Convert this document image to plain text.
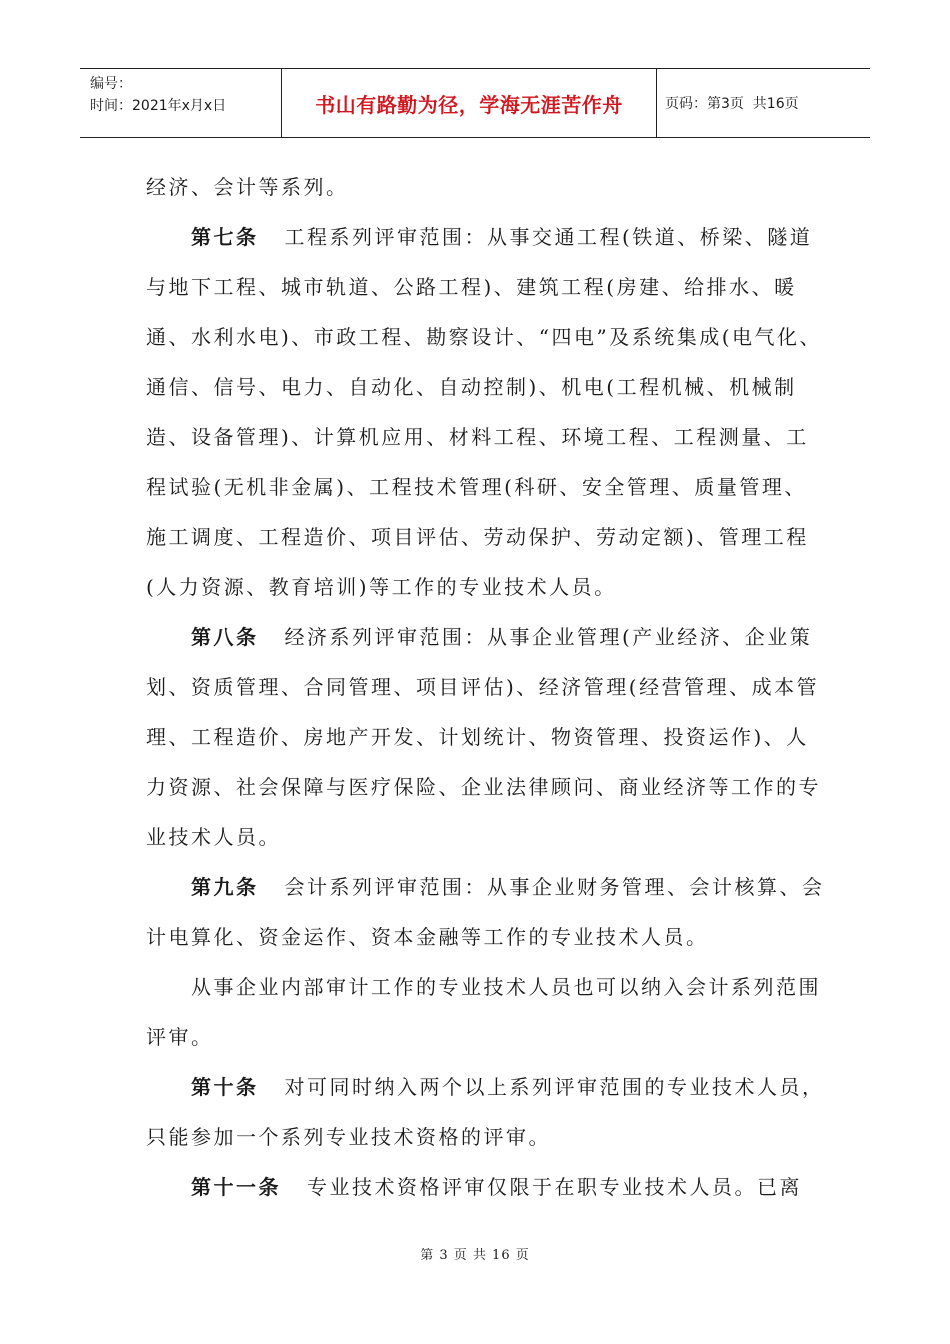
编号：
时间：2021年x月x日	书山有路勤为径，学海无涯苦作舟	页码：第3页  共16页

经济、会计等系列。

第七条 工程系列评审范围：从事交通工程(铁道、桥梁、隧道与地下工程、城市轨道、公路工程)、建筑工程(房建、给排水、暖通、水利水电)、市政工程、勘察设计、“四电”及系统集成(电气化、通信、信号、电力、自动化、自动控制)、机电(工程机械、机械制造、设备管理)、计算机应用、材料工程、环境工程、工程测量、工程试验(无机非金属)、工程技术管理(科研、安全管理、质量管理、施工调度、工程造价、项目评估、劳动保护、劳动定额)、管理工程(人力资源、教育培训)等工作的专业技术人员。

第八条 经济系列评审范围：从事企业管理(产业经济、企业策划、资质管理、合同管理、项目评估)、经济管理(经营管理、成本管理、工程造价、房地产开发、计划统计、物资管理、投资运作)、人力资源、社会保障与医疗保险、企业法律顾问、商业经济等工作的专业技术人员。

第九条 会计系列评审范围：从事企业财务管理、会计核算、会计电算化、资金运作、资本金融等工作的专业技术人员。

从事企业内部审计工作的专业技术人员也可以纳入会计系列范围评审。

第十条 对可同时纳入两个以上系列评审范围的专业技术人员，只能参加一个系列专业技术资格的评审。

第十一条 专业技术资格评审仅限于在职专业技术人员。已离

第 3 页 共 16 页
